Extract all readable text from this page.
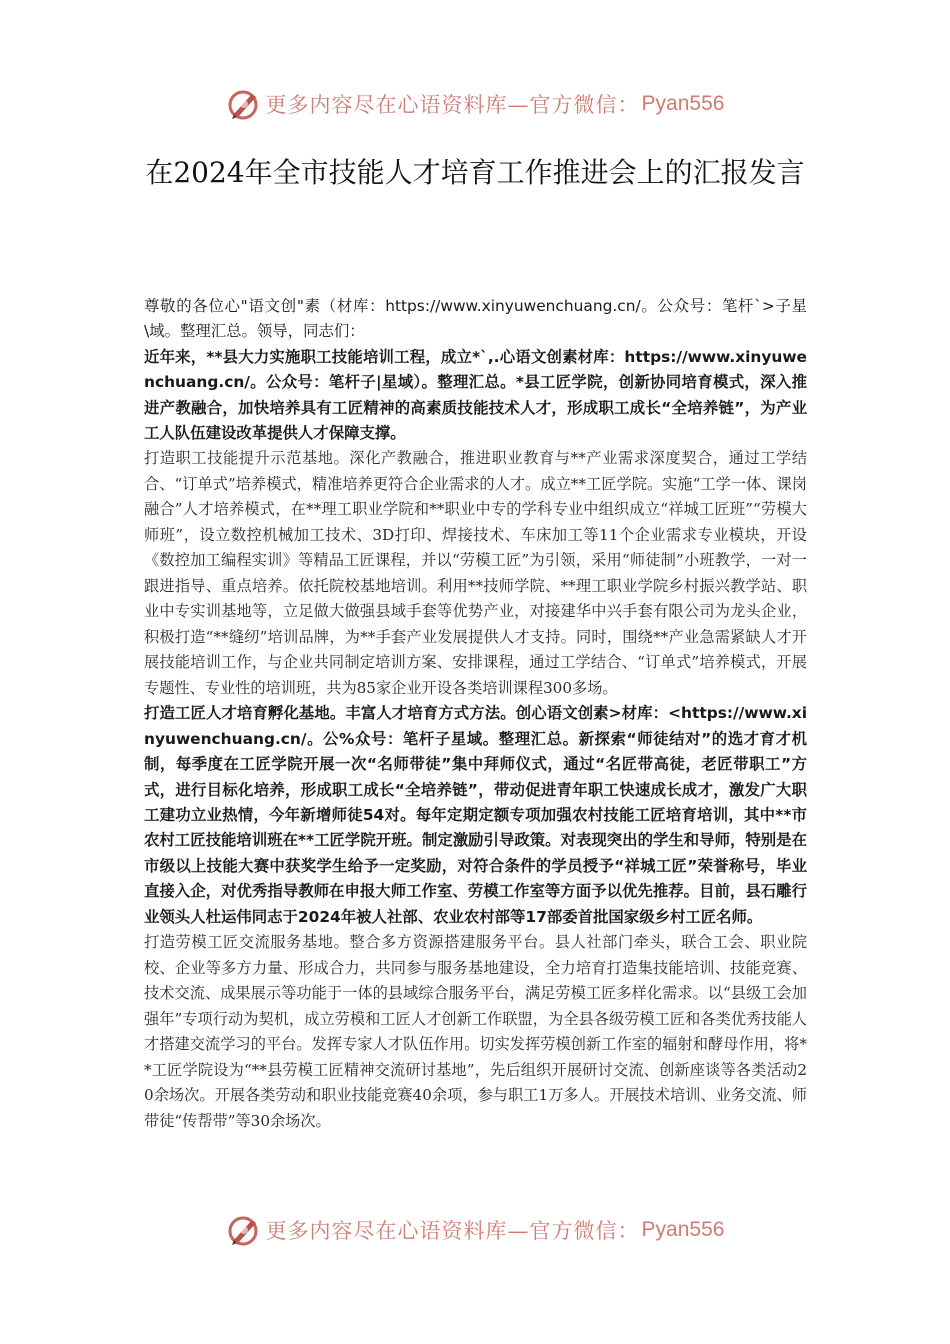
更多内容尽在心语资料库—官方微信： Pyan556
在2024年全市技能人才培育工作推进会上的汇报发言

尊敬的各位心"语文创"素（材库：https://www.xinyuwenchuang.cn/。公众号：笔杆`>子星\域。整理汇总。领导，同志们：

近年来，**县大力实施职工技能培训工程，成立*`,.心语文创素材库：https://www.xinyuwenchuang.cn/。公众号：笔杆子|星域）。整理汇总。*县工匠学院，创新协同培育模式，深入推进产教融合，加快培养具有工匠精神的高素质技能技术人才，形成职工成长“全培养链”，为产业工人队伍建设改革提供人才保障支撑。

打造职工技能提升示范基地。深化产教融合，推进职业教育与**产业需求深度契合，通过工学结合、“订单式”培养模式，精准培养更符合企业需求的人才。成立**工匠学院。实施“工学一体、课岗融合”人才培养模式，在**理工职业学院和**职业中专的学科专业中组织成立“祥城工匠班”“劳模大师班”，设立数控机械加工技术、3D打印、焊接技术、车床加工等11个企业需求专业模块，开设《数控加工编程实训》等精品工匠课程，并以“劳模工匠”为引领，采用“师徒制”小班教学，一对一跟进指导、重点培养。依托院校基地培训。利用**技师学院、**理工职业学院乡村振兴教学站、职业中专实训基地等，立足做大做强县域手套等优势产业，对接建华中兴手套有限公司为龙头企业，积极打造“**缝纫”培训品牌，为**手套产业发展提供人才支持。同时，围绕**产业急需紧缺人才开展技能培训工作，与企业共同制定培训方案、安排课程，通过工学结合、“订单式”培养模式，开展专题性、专业性的培训班，共为85家企业开设各类培训课程300多场。

打造工匠人才培育孵化基地。丰富人才培育方式方法。创心语文创素>材库：<https://www.xinyuwenchuang.cn/。公%众号：笔杆子星域。整理汇总。新探索“师徒结对”的选才育才机制，每季度在工匠学院开展一次“名师带徒”集中拜师仪式，通过“名匠带高徒，老匠带职工”方式，进行目标化培养，形成职工成长“全培养链”，带动促进青年职工快速成长成才，激发广大职工建功立业热情，今年新增师徒54对。每年定期定额专项加强农村技能工匠培育培训，其中**市农村工匠技能培训班在**工匠学院开班。制定激励引导政策。对表现突出的学生和导师，特别是在市级以上技能大赛中获奖学生给予一定奖励，对符合条件的学员授予“祥城工匠”荣誉称号，毕业直接入企，对优秀指导教师在申报大师工作室、劳模工作室等方面予以优先推荐。目前，县石雕行业领头人杜运伟同志于2024年被人社部、农业农村部等17部委首批国家级乡村工匠名师。

打造劳模工匠交流服务基地。整合多方资源搭建服务平台。县人社部门牵头，联合工会、职业院校、企业等多方力量、形成合力，共同参与服务基地建设，全力培育打造集技能培训、技能竞赛、技术交流、成果展示等功能于一体的县域综合服务平台，满足劳模工匠多样化需求。以“县级工会加强年”专项行动为契机，成立劳模和工匠人才创新工作联盟，为全县各级劳模工匠和各类优秀技能人才搭建交流学习的平台。发挥专家人才队伍作用。切实发挥劳模创新工作室的辐射和酵母作用，将**工匠学院设为“**县劳模工匠精神交流研讨基地”，先后组织开展研讨交流、创新座谈等各类活动20余场次。开展各类劳动和职业技能竞赛40余项，参与职工1万多人。开展技术培训、业务交流、师带徒“传帮带”等30余场次。

更多内容尽在心语资料库—官方微信： Pyan556
